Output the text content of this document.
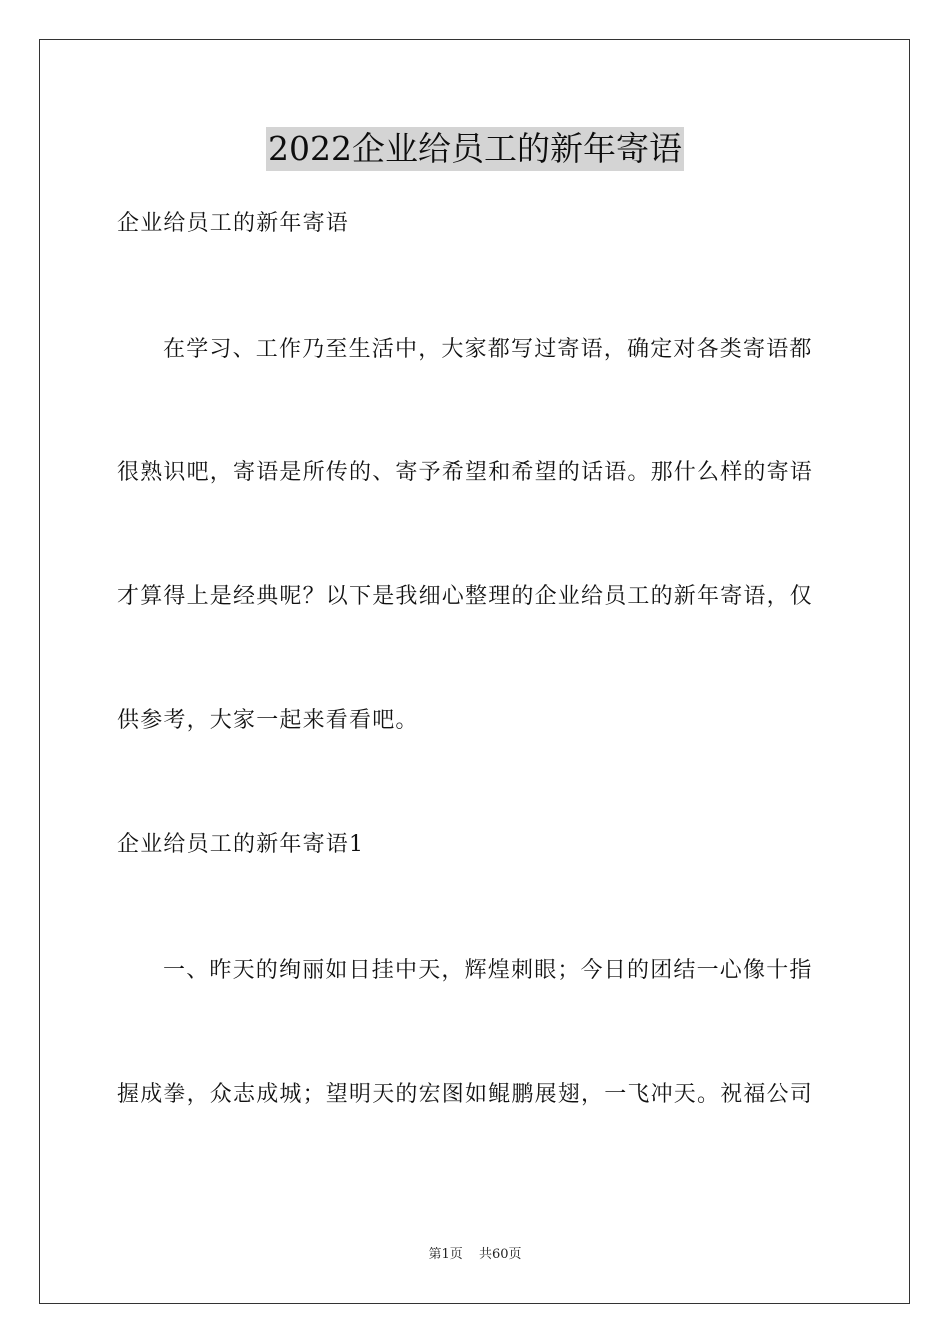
2022企业给员工的新年寄语
企业给员工的新年寄语
在学习、工作乃至生活中，大家都写过寄语，确定对各类寄语都
很熟识吧，寄语是所传的、寄予希望和希望的话语。那什么样的寄语
才算得上是经典呢？以下是我细心整理的企业给员工的新年寄语，仅
供参考，大家一起来看看吧。
企业给员工的新年寄语1
一、昨天的绚丽如日挂中天，辉煌刺眼；今日的团结一心像十指
握成拳，众志成城；望明天的宏图如鲲鹏展翅，一飞冲天。祝福公司
第1页 共60页
